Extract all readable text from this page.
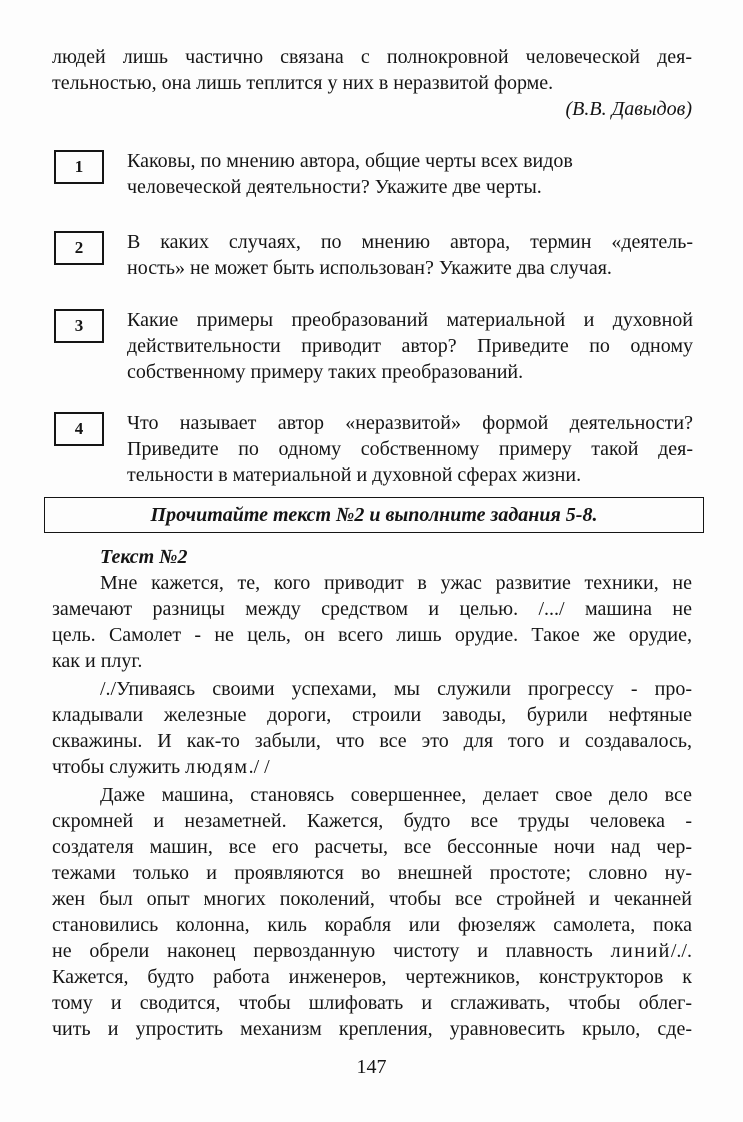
людей лишь частично связана с полнокровной человеческой дея-

тельностью, она лишь теплится у них в неразвитой форме.

(В.В. Давыдов)

1	Каковы, по мнению автора, общие черты всех видов

человеческой деятельности? Укажите две черты.

2	В каких случаях, по мнению автора, термин «деятель-

ность» не может быть использован? Укажите два случая.

3	Какие примеры преобразований материальной и духовной

действительности приводит автор? Приведите по одному

собственному примеру таких преобразований.

4	Что называет автор «неразвитой» формой деятельности?

Приведите по одному собственному примеру такой дея-

тельности в материальной и духовной сферах жизни.

Прочитайте текст №2 и выполните задания 5-8.

Текст №2

Мне кажется, те, кого приводит в ужас развитие техники, не

замечают разницы между средством и целью. /.../ машина не

цель. Самолет - не цель, он всего лишь орудие. Такое же орудие,

как и плуг.

/./Упиваясь своими успехами, мы служили прогрессу - про-

кладывали железные дороги, строили заводы, бурили нефтяные

скважины. И как-то забыли, что все это для того и создавалось,

чтобы служить людям./ /

Даже машина, становясь совершеннее, делает свое дело все

скромней и незаметней. Кажется, будто все труды человека -

создателя машин, все его расчеты, все бессонные ночи над чер-

тежами только и проявляются во внешней простоте; словно ну-

жен был опыт многих поколений, чтобы все стройней и чеканней

становились колонна, киль корабля или фюзеляж самолета, пока

не обрели наконец первозданную чистоту и плавность линий/./.

Кажется, будто работа инженеров, чертежников, конструкторов к

тому и сводится, чтобы шлифовать и сглаживать, чтобы облег-

чить и упростить механизм крепления, уравновесить крыло, сде-

147
